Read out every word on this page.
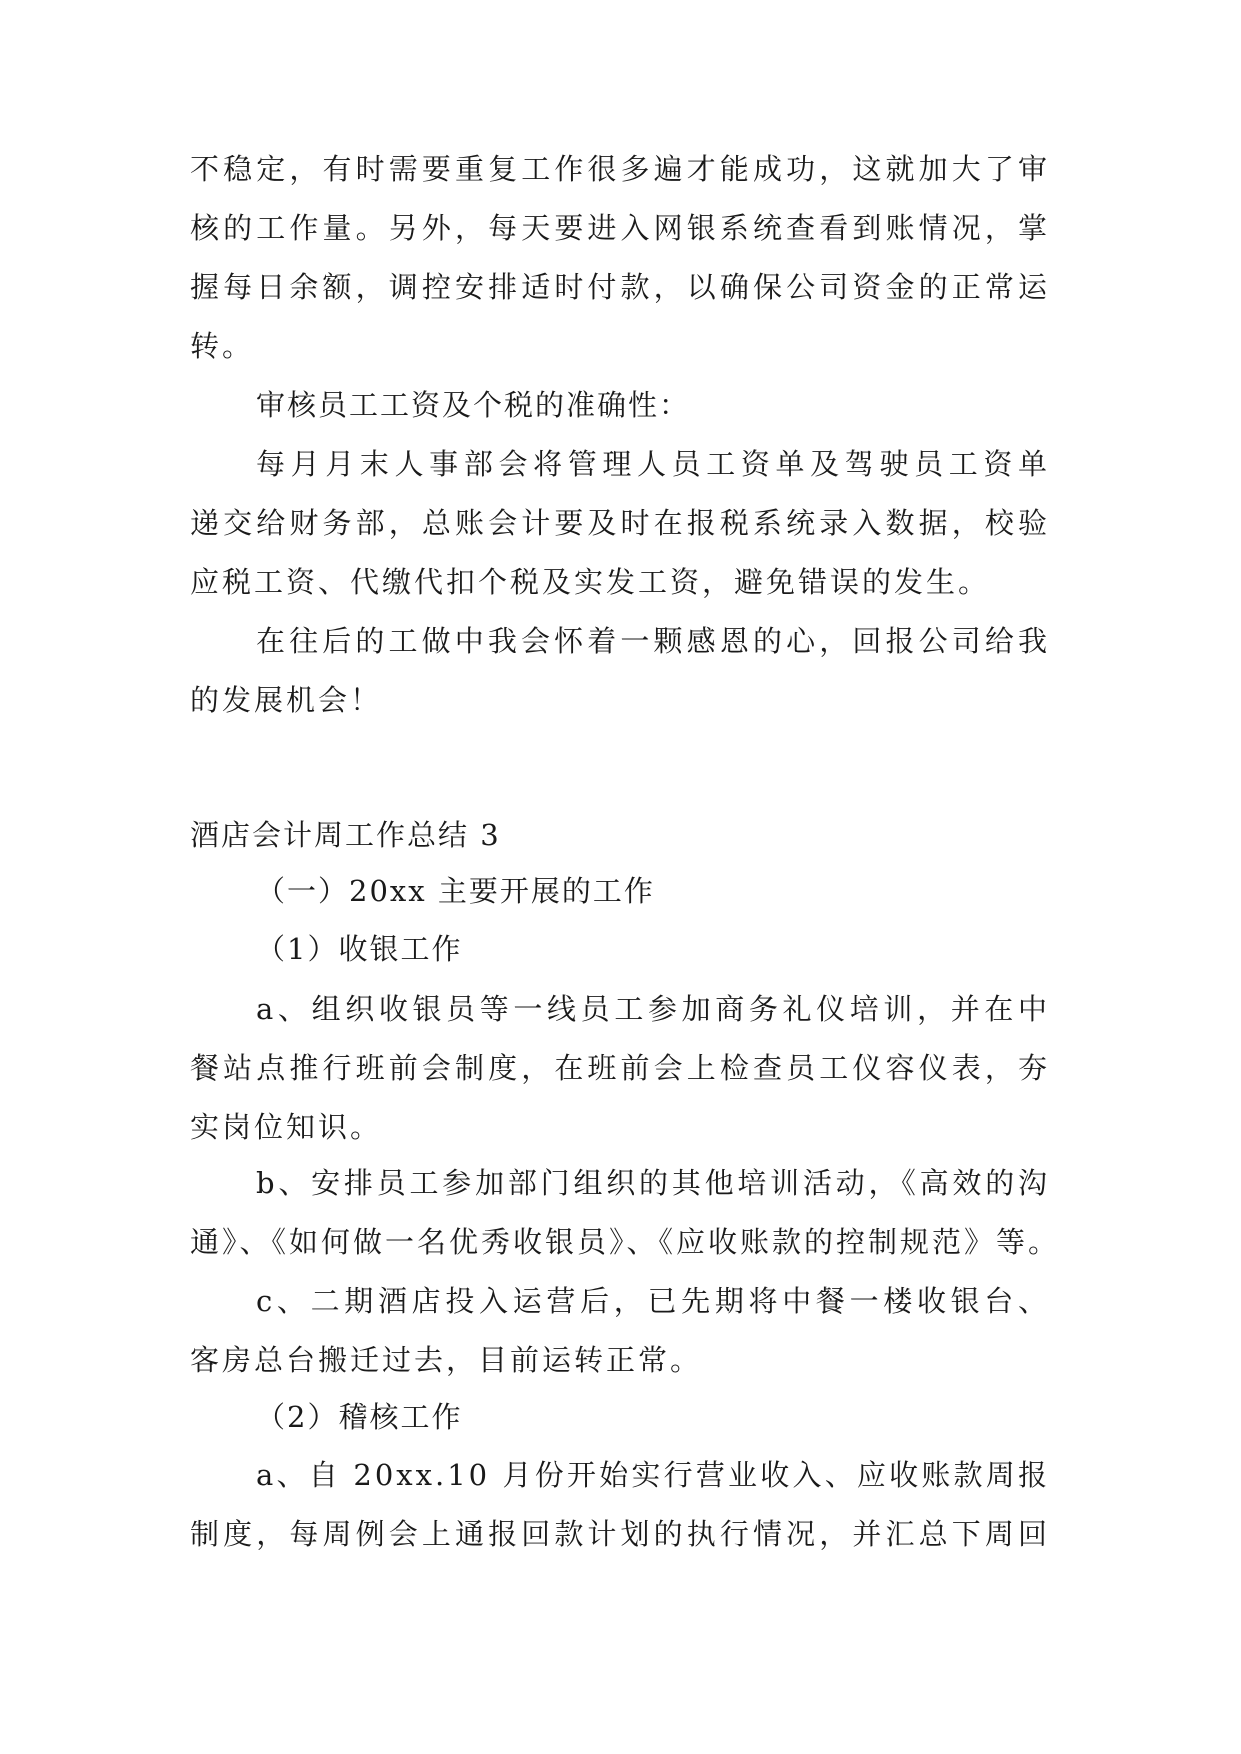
不稳定，有时需要重复工作很多遍才能成功，这就加大了审
核的工作量。另外，每天要进入网银系统查看到账情况，掌
握每日余额，调控安排适时付款，以确保公司资金的正常运
转。
审核员工工资及个税的准确性：
每月月末人事部会将管理人员工资单及驾驶员工资单
递交给财务部，总账会计要及时在报税系统录入数据，校验
应税工资、代缴代扣个税及实发工资，避免错误的发生。
在往后的工做中我会怀着一颗感恩的心，回报公司给我
的发展机会！
酒店会计周工作总结 3
（一）20xx 主要开展的工作
（1）收银工作
a、组织收银员等一线员工参加商务礼仪培训，并在中
餐站点推行班前会制度，在班前会上检查员工仪容仪表，夯
实岗位知识。
b、安排员工参加部门组织的其他培训活动，《高效的沟
通》、《如何做一名优秀收银员》、《应收账款的控制规范》等。
c、二期酒店投入运营后，已先期将中餐一楼收银台、
客房总台搬迁过去，目前运转正常。
（2）稽核工作
a、自 20xx.10 月份开始实行营业收入、应收账款周报
制度，每周例会上通报回款计划的执行情况，并汇总下周回
